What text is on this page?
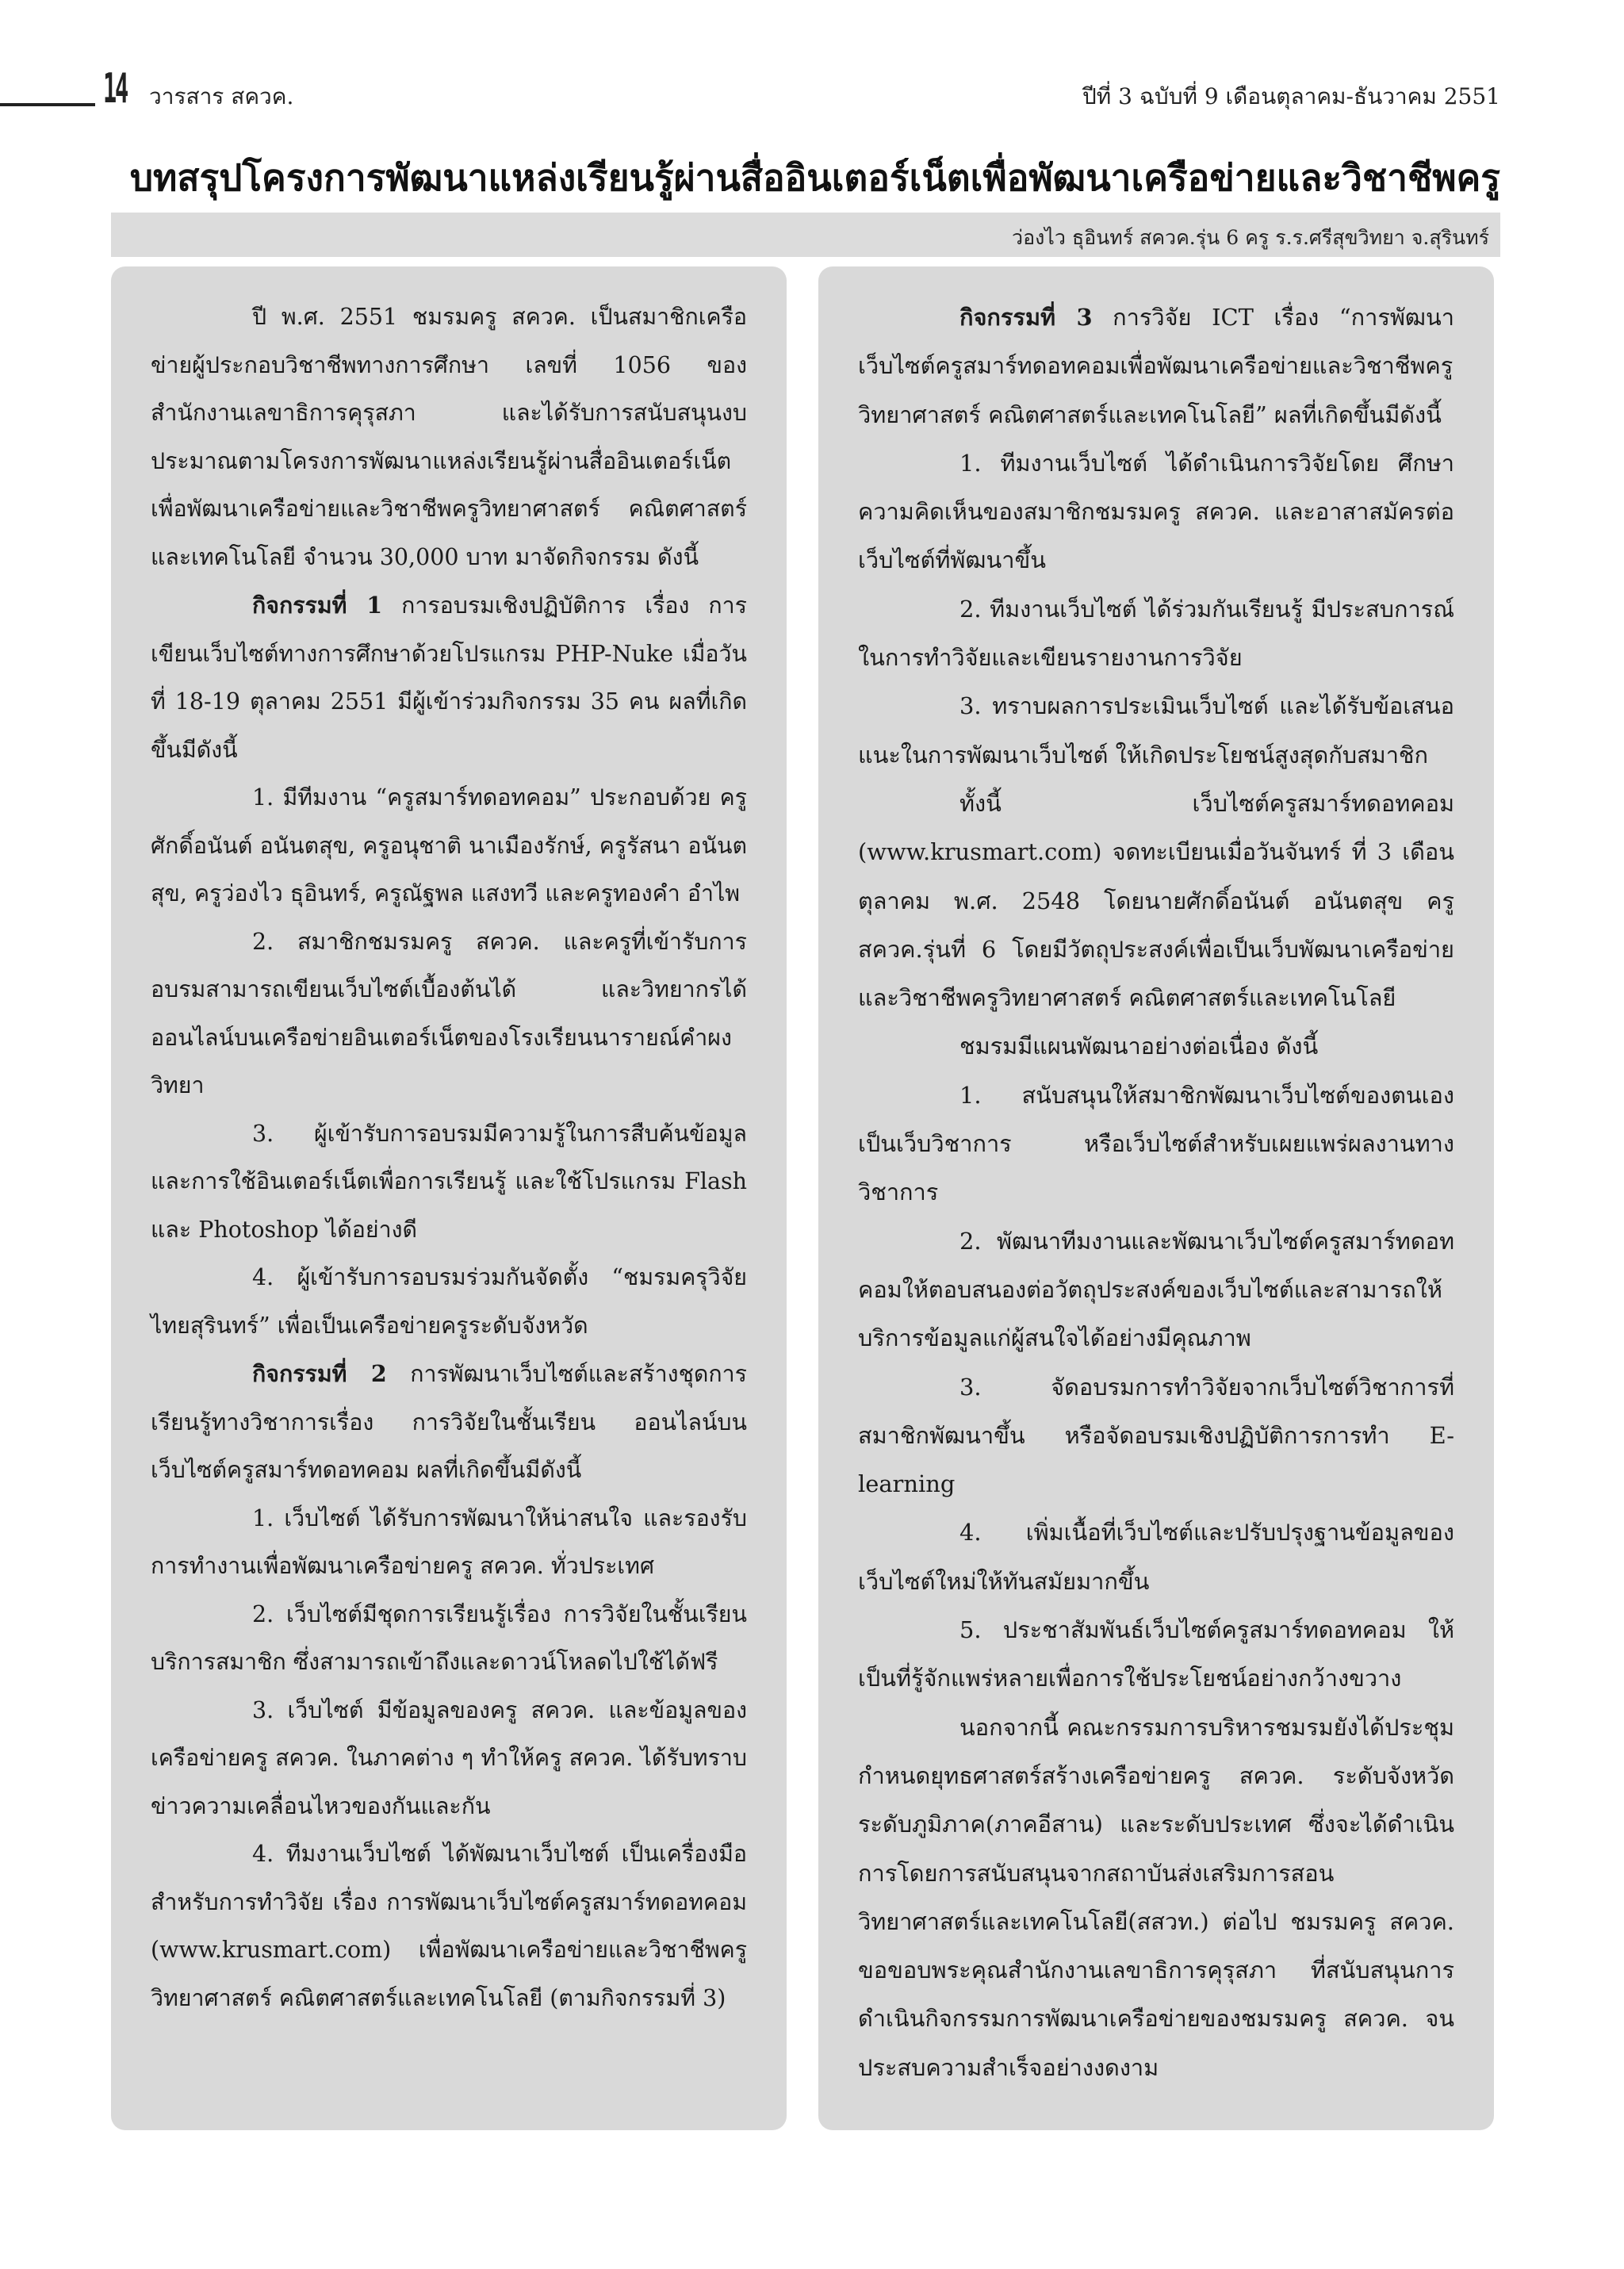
14 วารสาร สควค.	ปีที่ 3 ฉบับที่ 9 เดือนตุลาคม-ธันวาคม 2551
บทสรุปโครงการพัฒนาแหล่งเรียนรู้ผ่านสื่ออินเตอร์เน็ตเพื่อพัฒนาเครือข่ายและวิชาชีพครู
ว่องไว ธุอินทร์ สควค.รุ่น 6 ครู ร.ร.ศรีสุขวิทยา จ.สุรินทร์

ปี พ.ศ. 2551 ชมรมครู สควค. เป็นสมาชิกเครือข่ายผู้ประกอบวิชาชีพทางการศึกษา เลขที่ 1056 ของสำนักงานเลขาธิการคุรุสภา และได้รับการสนับสนุนงบประมาณตามโครงการพัฒนาแหล่งเรียนรู้ผ่านสื่ออินเตอร์เน็ตเพื่อพัฒนาเครือข่ายและวิชาชีพครูวิทยาศาสตร์ คณิตศาสตร์และเทคโนโลยี จำนวน 30,000 บาท มาจัดกิจกรรม ดังนี้

กิจกรรมที่ 1 การอบรมเชิงปฏิบัติการ เรื่อง การเขียนเว็บไซต์ทางการศึกษาด้วยโปรแกรม PHP-Nuke เมื่อวันที่ 18-19 ตุลาคม 2551 มีผู้เข้าร่วมกิจกรรม 35 คน ผลที่เกิดขึ้นมีดังนี้

1. มีทีมงาน “ครูสมาร์ทดอทคอม” ประกอบด้วย ครูศักดิ์อนันต์ อนันตสุข, ครูอนุชาติ นาเมืองรักษ์, ครูรัสนา อนันตสุข, ครูว่องไว ธุอินทร์, ครูณัฐพล แสงทวี และครูทองคำ อำไพ

2. สมาชิกชมรมครู สควค. และครูที่เข้ารับการอบรมสามารถเขียนเว็บไซต์เบื้องต้นได้ และวิทยากรได้ออนไลน์บนเครือข่ายอินเตอร์เน็ตของโรงเรียนนารายณ์คำผงวิทยา

3. ผู้เข้ารับการอบรมมีความรู้ในการสืบค้นข้อมูลและการใช้อินเตอร์เน็ตเพื่อการเรียนรู้ และใช้โปรแกรม Flash และ Photoshop ได้อย่างดี

4. ผู้เข้ารับการอบรมร่วมกันจัดตั้ง “ชมรมครุวิจัยไทยสุรินทร์” เพื่อเป็นเครือข่ายครูระดับจังหวัด

กิจกรรมที่ 2 การพัฒนาเว็บไซต์และสร้างชุดการเรียนรู้ทางวิชาการเรื่อง การวิจัยในชั้นเรียน ออนไลน์บนเว็บไซต์ครูสมาร์ทดอทคอม ผลที่เกิดขึ้นมีดังนี้

1. เว็บไซต์ ได้รับการพัฒนาให้น่าสนใจ และรองรับการทำงานเพื่อพัฒนาเครือข่ายครู สควค. ทั่วประเทศ

2. เว็บไซต์มีชุดการเรียนรู้เรื่อง การวิจัยในชั้นเรียนบริการสมาชิก ซึ่งสามารถเข้าถึงและดาวน์โหลดไปใช้ได้ฟรี

3. เว็บไซต์ มีข้อมูลของครู สควค. และข้อมูลของเครือข่ายครู สควค. ในภาคต่าง ๆ ทำให้ครู สควค. ได้รับทราบข่าวความเคลื่อนไหวของกันและกัน

4. ทีมงานเว็บไซต์ ได้พัฒนาเว็บไซต์ เป็นเครื่องมือสำหรับการทำวิจัย เรื่อง การพัฒนาเว็บไซต์ครูสมาร์ทดอทคอม (www.krusmart.com) เพื่อพัฒนาเครือข่ายและวิชาชีพครูวิทยาศาสตร์ คณิตศาสตร์และเทคโนโลยี (ตามกิจกรรมที่ 3)

กิจกรรมที่ 3 การวิจัย ICT เรื่อง “การพัฒนาเว็บไซต์ครูสมาร์ทดอทคอมเพื่อพัฒนาเครือข่ายและวิชาชีพครูวิทยาศาสตร์ คณิตศาสตร์และเทคโนโลยี” ผลที่เกิดขึ้นมีดังนี้

1. ทีมงานเว็บไซต์ ได้ดำเนินการวิจัยโดย ศึกษาความคิดเห็นของสมาชิกชมรมครู สควค. และอาสาสมัครต่อเว็บไซต์ที่พัฒนาขึ้น

2. ทีมงานเว็บไซต์ ได้ร่วมกันเรียนรู้ มีประสบการณ์ในการทำวิจัยและเขียนรายงานการวิจัย

3. ทราบผลการประเมินเว็บไซต์ และได้รับข้อเสนอแนะในการพัฒนาเว็บไซต์ ให้เกิดประโยชน์สูงสุดกับสมาชิก

ทั้งนี้ เว็บไซต์ครูสมาร์ทดอทคอม (www.krusmart.com) จดทะเบียนเมื่อวันจันทร์ ที่ 3 เดือนตุลาคม พ.ศ. 2548 โดยนายศักดิ์อนันต์ อนันตสุข ครู สควค.รุ่นที่ 6 โดยมีวัตถุประสงค์เพื่อเป็นเว็บพัฒนาเครือข่ายและวิชาชีพครูวิทยาศาสตร์ คณิตศาสตร์และเทคโนโลยี

ชมรมมีแผนพัฒนาอย่างต่อเนื่อง ดังนี้

1. สนับสนุนให้สมาชิกพัฒนาเว็บไซต์ของตนเองเป็นเว็บวิชาการ หรือเว็บไซต์สำหรับเผยแพร่ผลงานทางวิชาการ

2. พัฒนาทีมงานและพัฒนาเว็บไซต์ครูสมาร์ทดอทคอมให้ตอบสนองต่อวัตถุประสงค์ของเว็บไซต์และสามารถให้บริการข้อมูลแก่ผู้สนใจได้อย่างมีคุณภาพ

3. จัดอบรมการทำวิจัยจากเว็บไซต์วิชาการที่สมาชิกพัฒนาขึ้น หรือจัดอบรมเชิงปฏิบัติการการทำ E-learning

4. เพิ่มเนื้อที่เว็บไซต์และปรับปรุงฐานข้อมูลของเว็บไซต์ใหม่ให้ทันสมัยมากขึ้น

5. ประชาสัมพันธ์เว็บไซต์ครูสมาร์ทดอทคอม ให้เป็นที่รู้จักแพร่หลายเพื่อการใช้ประโยชน์อย่างกว้างขวาง

นอกจากนี้ คณะกรรมการบริหารชมรมยังได้ประชุมกำหนดยุทธศาสตร์สร้างเครือข่ายครู สควค. ระดับจังหวัด ระดับภูมิภาค(ภาคอีสาน) และระดับประเทศ ซึ่งจะได้ดำเนินการโดยการสนับสนุนจากสถาบันส่งเสริมการสอนวิทยาศาสตร์และเทคโนโลยี(สสวท.) ต่อไป ชมรมครู สควค. ขอขอบพระคุณสำนักงานเลขาธิการคุรุสภา ที่สนับสนุนการดำเนินกิจกรรมการพัฒนาเครือข่ายของชมรมครู สควค. จนประสบความสำเร็จอย่างงดงาม
